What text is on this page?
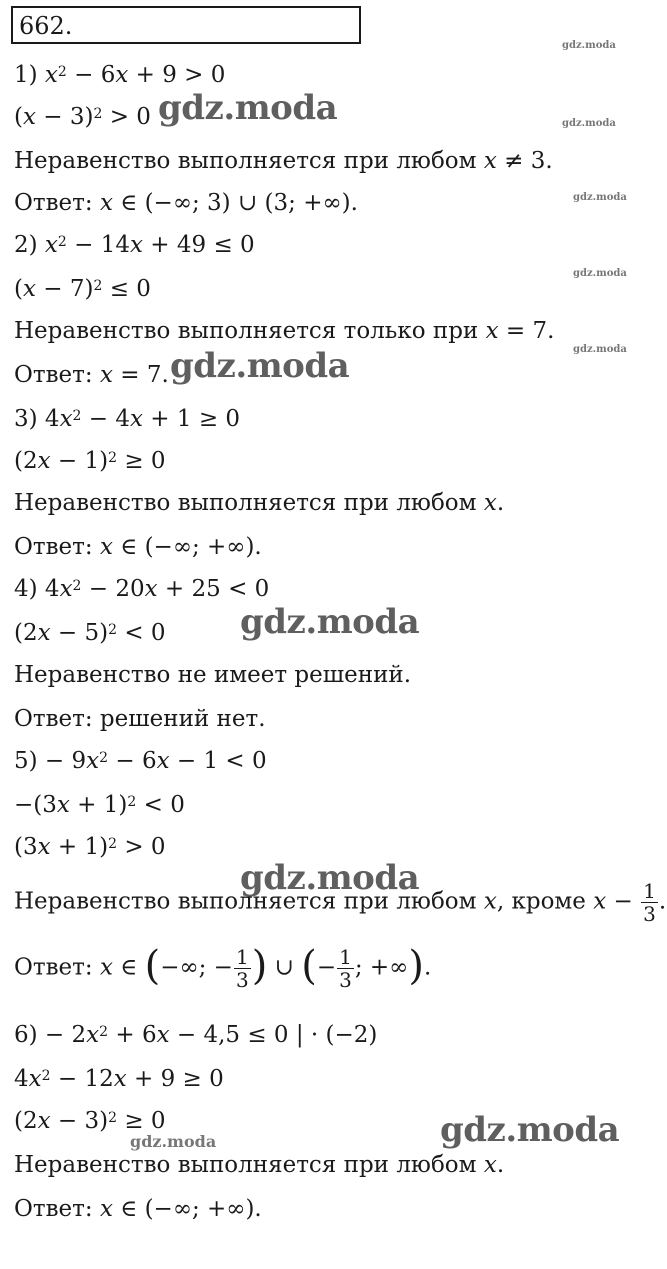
662.
1) $x^2 - 6x + 9 > 0$
$(x - 3)^2 > 0$
Неравенство выполняется при любом x ≠ 3.
Ответ: x ∈ (−∞; 3) ∪ (3; +∞).
2) $x^2 - 14x + 49 \le 0$
$(x - 7)^2 \le 0$
Неравенство выполняется только при x = 7.
Ответ: x = 7.
3) $4x^2 - 4x + 1 \ge 0$
$(2x - 1)^2 \ge 0$
Неравенство выполняется при любом x.
Ответ: x ∈ (−∞; +∞).
4) $4x^2 - 20x + 25 < 0$
$(2x - 5)^2 < 0$
Неравенство не имеет решений.
Ответ: решений нет.
$5) - 9x^2 - 6x - 1 < 0$
$-(3x + 1)^2 < 0$
$(3x + 1)^2 > 0$
Неравенство выполняется при любом x, кроме $x - \frac{1}{3}$ .
Ответ: x ∈ (−∞; − $\frac{1}{3}$ ) ∪ (− $\frac{1}{3}$ ; +∞).
$6) - 2x^2 + 6x - 4,5 \le 0$ | · (−2)
$4x^2 - 12x + 9 \ge 0$
$(2x - 3)^2 \ge 0$
Неравенство выполняется при любом x.
Ответ: x ∈ (−∞; +∞).
gdz.moda
gdz.moda	gdz.moda
gdz.moda
gdz.moda
gdz.moda
gdz.moda
gdz.moda
gdz.moda
gdz.moda
gdz.moda
